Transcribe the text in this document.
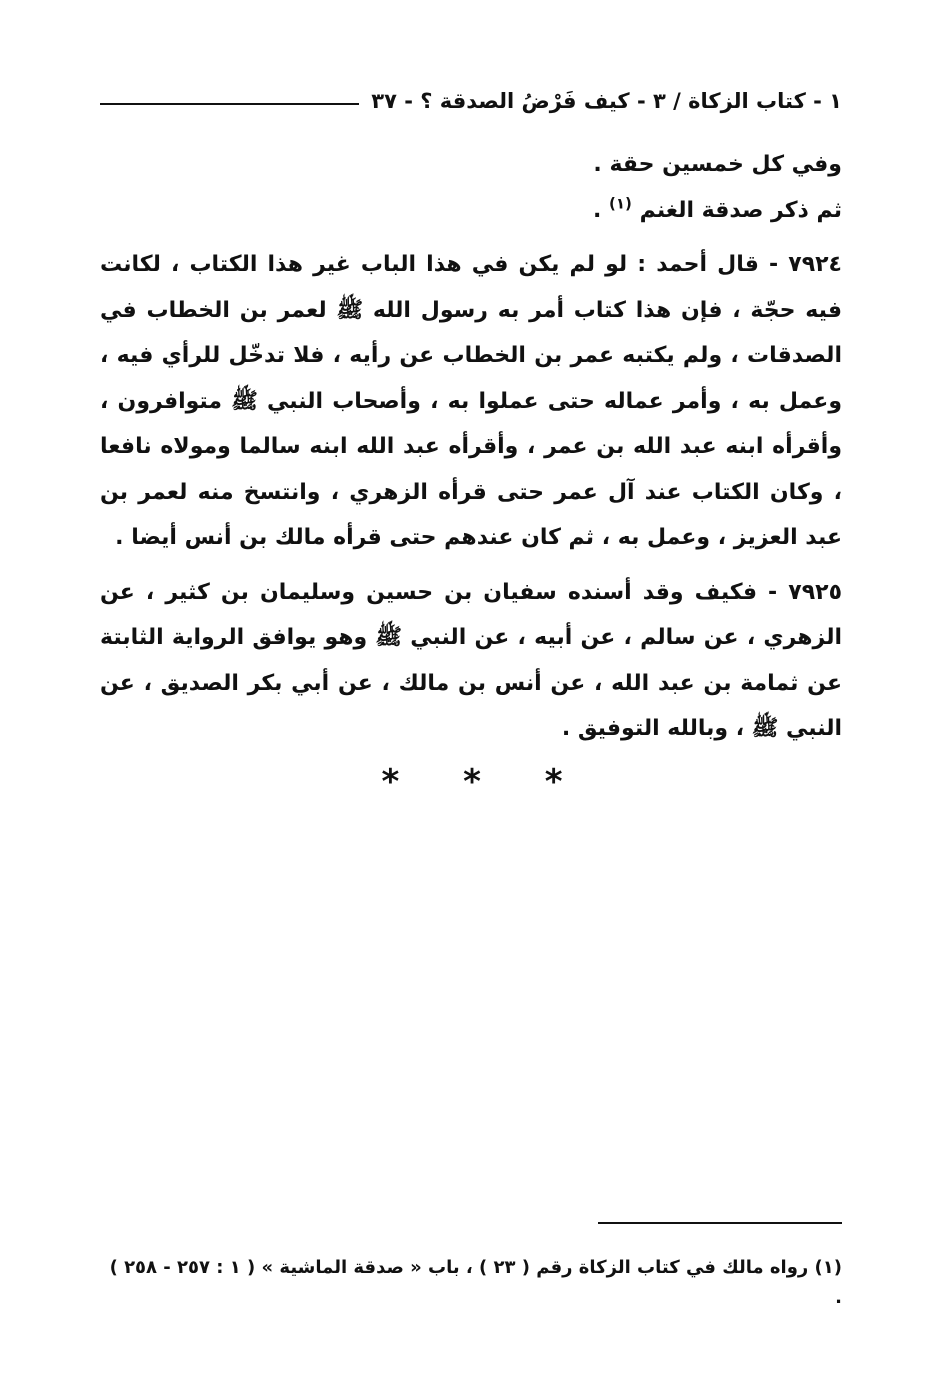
١ - كتاب الزكاة / ٣ - كيف فَرْضُ الصدقة ؟ - ٣٧

وفي كل خمسين حقة .

ثم ذكر صدقة الغنم $^{(١)}$ .

٧٩٢٤ - قال أحمد : لو لم يكن في هذا الباب غير هذا الكتاب ، لكانت فيه حجّة ، فإن هذا كتاب أمر به رسول الله ﷺ لعمر بن الخطاب في الصدقات ، ولم يكتبه عمر بن الخطاب عن رأيه ، فلا تدخّل للرأي فيه ، وعمل به ، وأمر عماله حتى عملوا به ، وأصحاب النبي ﷺ متوافرون ، وأقرأه ابنه عبد الله بن عمر ، وأقرأه عبد الله ابنه سالما ومولاه نافعا ، وكان الكتاب عند آل عمر حتى قرأه الزهري ، وانتسخ منه لعمر بن عبد العزيز ، وعمل به ، ثم كان عندهم حتى قرأه مالك بن أنس أيضا .

٧٩٢٥ - فكيف وقد أسنده سفيان بن حسين وسليمان بن كثير ، عن الزهري ، عن سالم ، عن أبيه ، عن النبي ﷺ وهو يوافق الرواية الثابتة عن ثمامة بن عبد الله ، عن أنس بن مالك ، عن أبي بكر الصديق ، عن النبي ﷺ ، وبالله التوفيق .

* * *
(١) رواه مالك في كتاب الزكاة رقم ( ٢٣ ) ، باب « صدقة الماشية » ( ١ : ٢٥٧ - ٢٥٨ ) .
